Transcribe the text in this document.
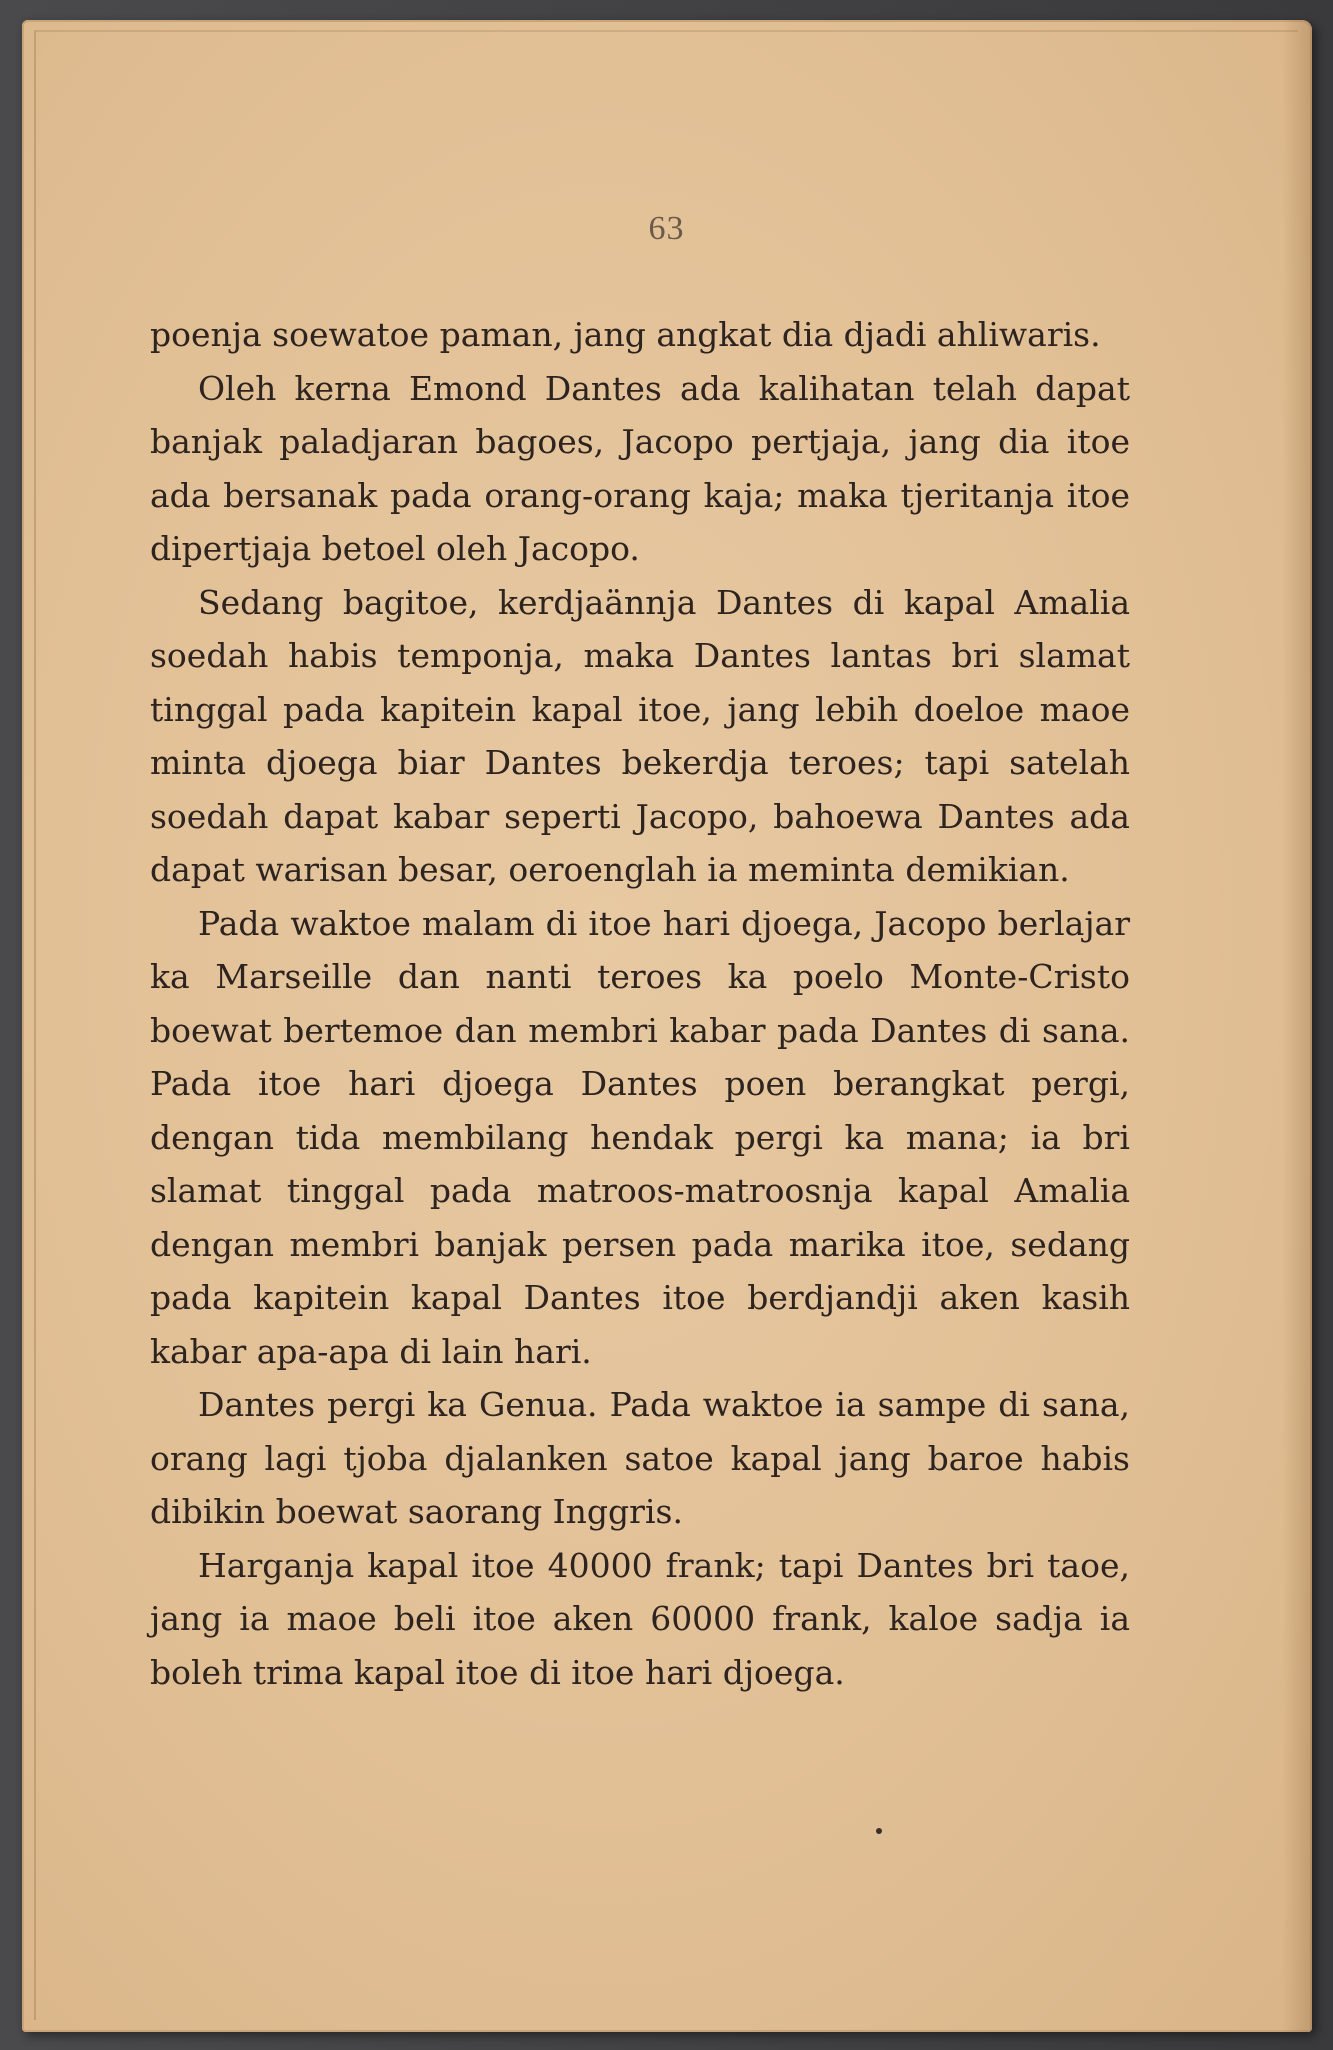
63

poenja soewatoe paman, jang angkat dia djadi ahliwaris.

Oleh kerna Emond Dantes ada kalihatan telah dapat banjak paladjaran bagoes, Jacopo pertjaja, jang dia itoe ada bersanak pada orang-orang kaja; maka tjeritanja itoe dipertjaja betoel oleh Jacopo.

Sedang bagitoe, kerdjaännja Dantes di kapal Amalia soedah habis temponja, maka Dantes lantas bri slamat tinggal pada kapitein kapal itoe, jang lebih doeloe maoe minta djoega biar Dantes bekerdja teroes; tapi satelah soedah dapat kabar seperti Jacopo, bahoewa Dantes ada dapat warisan besar, oeroenglah ia meminta demikian.

Pada waktoe malam di itoe hari djoega, Jacopo berlajar ka Marseille dan nanti teroes ka poelo Monte-Cristo boewat bertemoe dan membri kabar pada Dantes di sana. Pada itoe hari djoega Dantes poen berangkat pergi, dengan tida membilang hendak pergi ka mana; ia bri slamat tinggal pada matroos-matroosnja kapal Amalia dengan membri banjak persen pada marika itoe, sedang pada kapitein kapal Dantes itoe berdjandji aken kasih kabar apa-apa di lain hari.

Dantes pergi ka Genua. Pada waktoe ia sampe di sana, orang lagi tjoba djalanken satoe kapal jang baroe habis dibikin boewat saorang Inggris.

Harganja kapal itoe 40000 frank; tapi Dantes bri taoe, jang ia maoe beli itoe aken 60000 frank, kaloe sadja ia boleh trima kapal itoe di itoe hari djoega.
